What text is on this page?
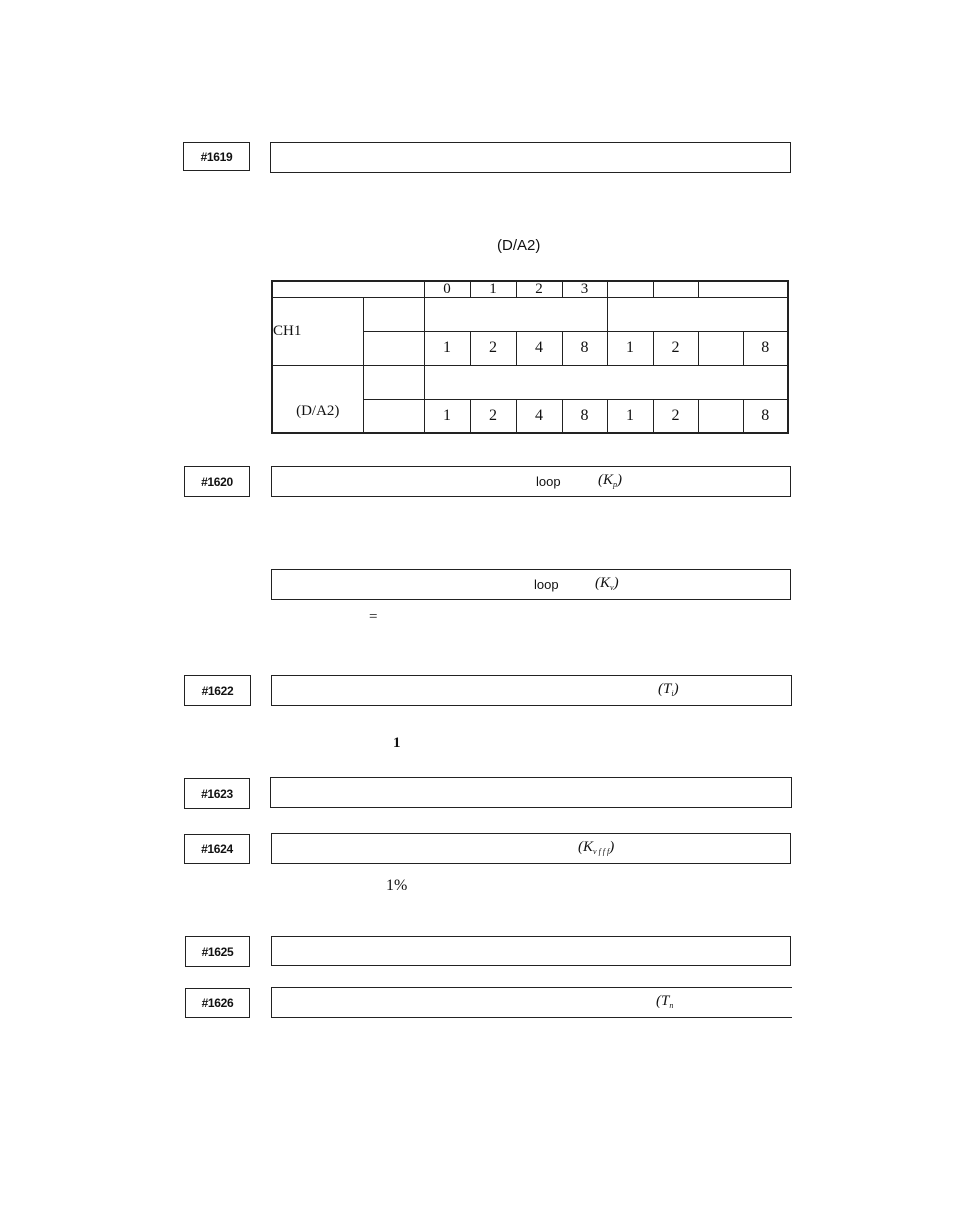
#1619
(D/A2)
		0	1	2	3				
CH1									
		1	2	4	8	1	2		8
(D/A2)									
		1	2	4	8	1	2		8
#1620	loop $(K_p)$
loop $(K_v)$
=
#1622	$(T_i)$
1
#1623
#1624	$(K_{v f f f})$
1%
#1625
#1626	($T_n$
